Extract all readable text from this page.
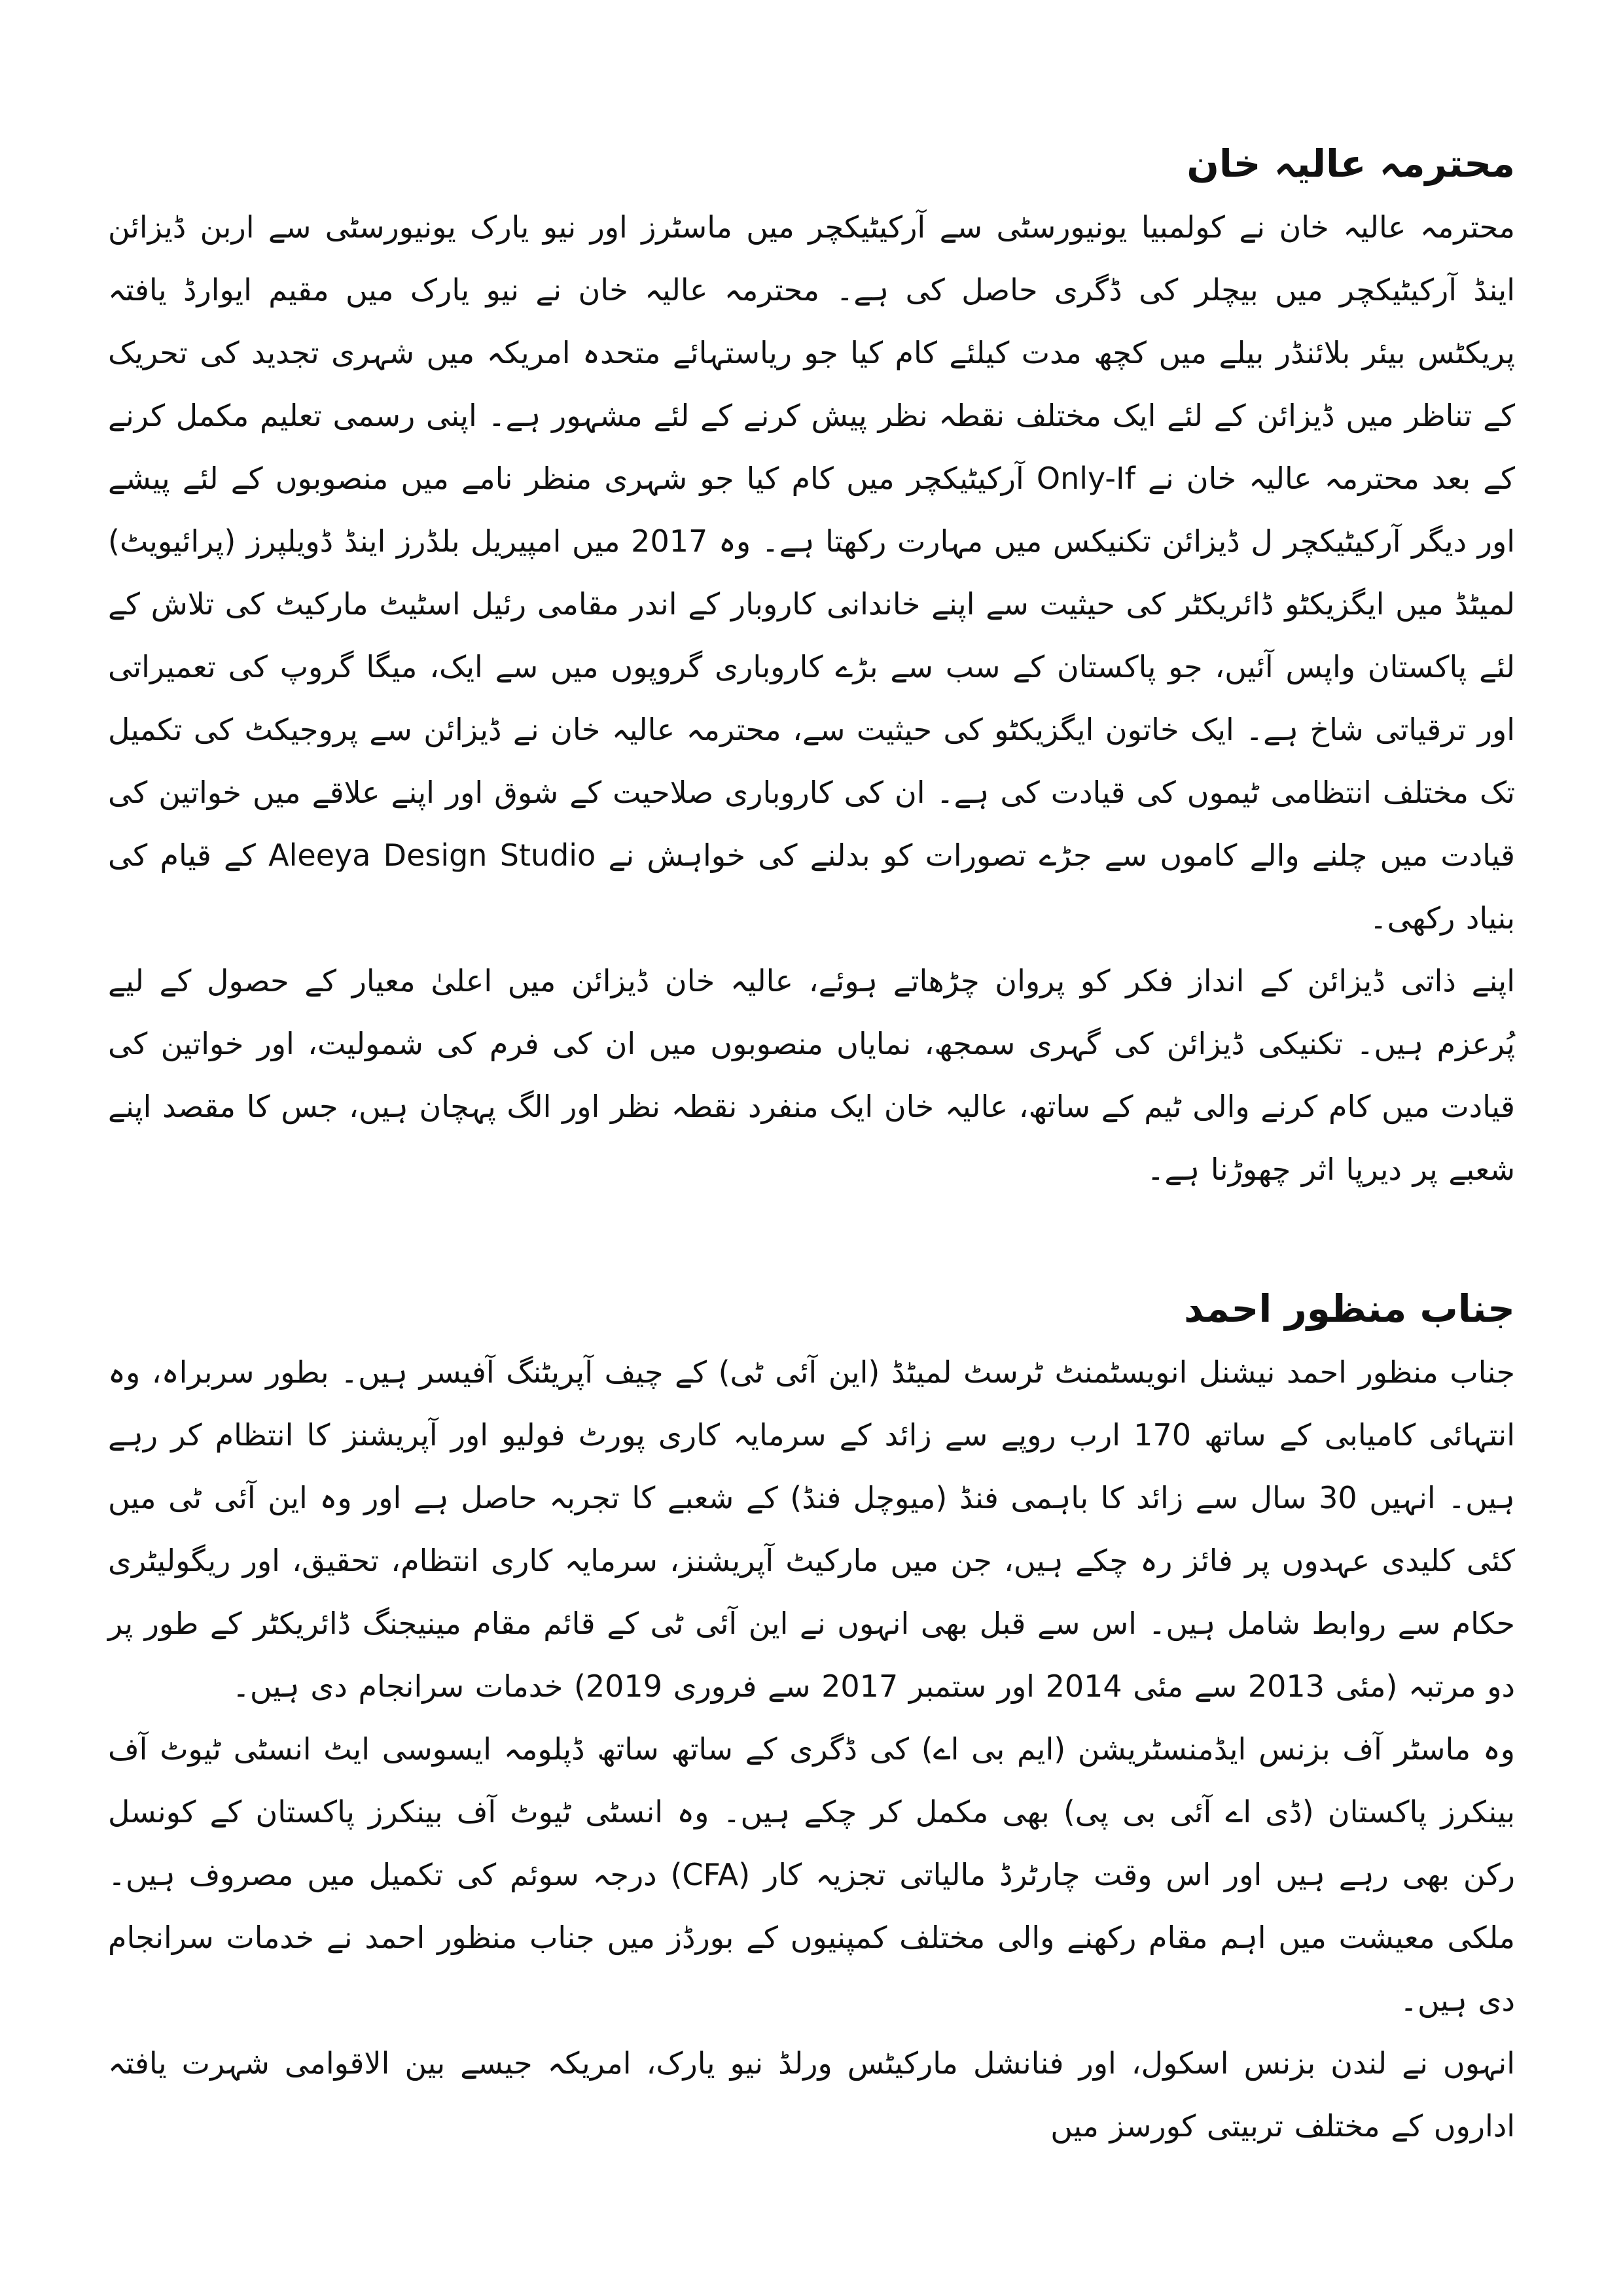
محترمہ عالیہ خان

محترمہ عالیہ خان نے کولمبیا یونیورسٹی سے آرکیٹیکچر میں ماسٹرز اور نیو یارک یونیورسٹی سے اربن ڈیزائن اینڈ آرکیٹیکچر میں بیچلر کی ڈگری حاصل کی ہے۔ محترمہ عالیہ خان نے نیو یارک میں مقیم ایوارڈ یافتہ پریکٹس بیئر بلائنڈر بیلے میں کچھ مدت کیلئے کام کیا جو ریاستہائے متحدہ امریکہ میں شہری تجدید کی تحریک کے تناظر میں ڈیزائن کے لئے ایک مختلف نقطہ نظر پیش کرنے کے لئے مشہور ہے۔ اپنی رسمی تعلیم مکمل کرنے کے بعد محترمہ عالیہ خان نے Only-If آرکیٹیکچر میں کام کیا جو شہری منظر نامے میں منصوبوں کے لئے پیشے اور دیگر آرکیٹیکچر ل ڈیزائن تکنیکس میں مہارت رکھتا ہے۔ وہ 2017 میں امپیریل بلڈرز اینڈ ڈویلپرز (پرائیویٹ) لمیٹڈ میں ایگزیکٹو ڈائریکٹر کی حیثیت سے اپنے خاندانی کاروبار کے اندر مقامی رئیل اسٹیٹ مارکیٹ کی تلاش کے لئے پاکستان واپس آئیں، جو پاکستان کے سب سے بڑے کاروباری گروپوں میں سے ایک، میگا گروپ کی تعمیراتی اور ترقیاتی شاخ ہے۔ ایک خاتون ایگزیکٹو کی حیثیت سے، محترمہ عالیہ خان نے ڈیزائن سے پروجیکٹ کی تکمیل تک مختلف انتظامی ٹیموں کی قیادت کی ہے۔ ان کی کاروباری صلاحیت کے شوق اور اپنے علاقے میں خواتین کی قیادت میں چلنے والے کاموں سے جڑے تصورات کو بدلنے کی خواہش نے Aleeya Design Studio کے قیام کی بنیاد رکھی۔

اپنے ذاتی ڈیزائن کے انداز فکر کو پروان چڑھاتے ہوئے، عالیہ خان ڈیزائن میں اعلیٰ معیار کے حصول کے لیے پُرعزم ہیں۔ تکنیکی ڈیزائن کی گہری سمجھ، نمایاں منصوبوں میں ان کی فرم کی شمولیت، اور خواتین کی قیادت میں کام کرنے والی ٹیم کے ساتھ، عالیہ خان ایک منفرد نقطہ نظر اور الگ پہچان ہیں، جس کا مقصد اپنے شعبے پر دیرپا اثر چھوڑنا ہے۔

جناب منظور احمد

جناب منظور احمد نیشنل انویسٹمنٹ ٹرسٹ لمیٹڈ (این آئی ٹی) کے چیف آپریٹنگ آفیسر ہیں۔ بطور سربراہ، وہ انتہائی کامیابی کے ساتھ 170 ارب روپے سے زائد کے سرمایہ کاری پورٹ فولیو اور آپریشنز کا انتظام کر رہے ہیں۔ انہیں 30 سال سے زائد کا باہمی فنڈ (میوچل فنڈ) کے شعبے کا تجربہ حاصل ہے اور وہ این آئی ٹی میں کئی کلیدی عہدوں پر فائز رہ چکے ہیں، جن میں مارکیٹ آپریشنز، سرمایہ کاری انتظام، تحقیق، اور ریگولیٹری حکام سے روابط شامل ہیں۔ اس سے قبل بھی انہوں نے این آئی ٹی کے قائم مقام مینیجنگ ڈائریکٹر کے طور پر دو مرتبہ (مئی 2013 سے مئی 2014 اور ستمبر 2017 سے فروری 2019) خدمات سرانجام دی ہیں۔

وہ ماسٹر آف بزنس ایڈمنسٹریشن (ایم بی اے) کی ڈگری کے ساتھ ساتھ ڈپلومہ ایسوسی ایٹ انسٹی ٹیوٹ آف بینکرز پاکستان (ڈی اے آئی بی پی) بھی مکمل کر چکے ہیں۔ وہ انسٹی ٹیوٹ آف بینکرز پاکستان کے کونسل رکن بھی رہے ہیں اور اس وقت چارٹرڈ مالیاتی تجزیہ کار (CFA) درجہ سوئم کی تکمیل میں مصروف ہیں۔ ملکی معیشت میں اہم مقام رکھنے والی مختلف کمپنیوں کے بورڈز میں جناب منظور احمد نے خدمات سرانجام دی ہیں۔

انہوں نے لندن بزنس اسکول، اور فنانشل مارکیٹس ورلڈ نیو یارک، امریکہ جیسے بین الاقوامی شہرت یافتہ اداروں کے مختلف تربیتی کورسز میں
